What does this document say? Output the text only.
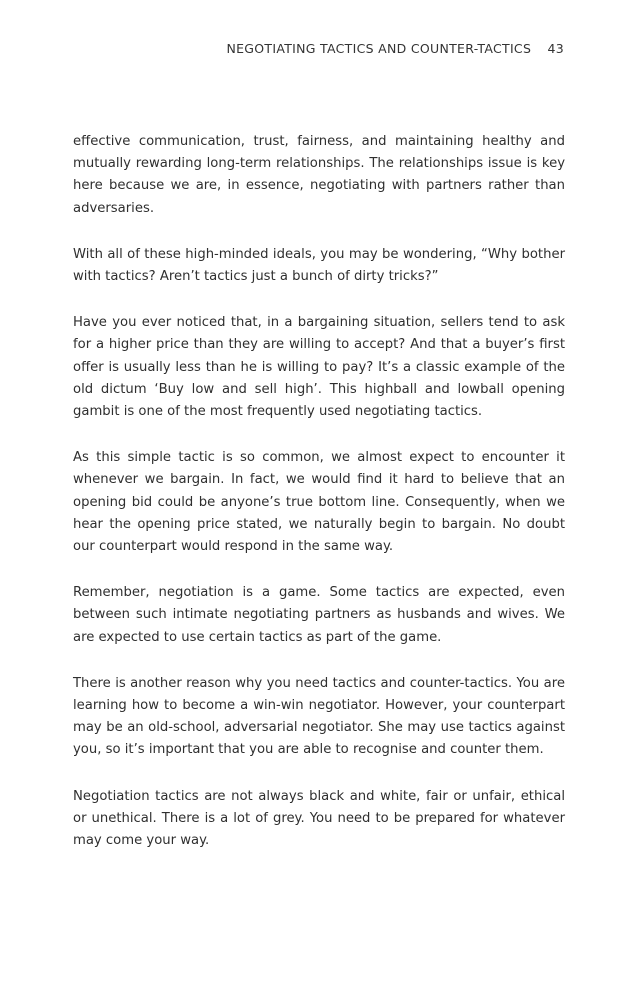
NEGOTIATING TACTICS AND COUNTER-TACTICS 43

effective communication, trust, fairness, and maintaining healthy and mutually rewarding long-term relationships. The relationships issue is key here because we are, in essence, negotiating with partners rather than adversaries.

With all of these high-minded ideals, you may be wondering, “Why bother with tactics? Aren’t tactics just a bunch of dirty tricks?”

Have you ever noticed that, in a bargaining situation, sellers tend to ask for a higher price than they are willing to accept? And that a buyer’s first offer is usually less than he is willing to pay? It’s a classic example of the old dictum ‘Buy low and sell high’. This highball and lowball opening gambit is one of the most frequently used negotiating tactics.

As this simple tactic is so common, we almost expect to encounter it whenever we bargain. In fact, we would find it hard to believe that an opening bid could be anyone’s true bottom line. Consequently, when we hear the opening price stated, we naturally begin to bargain. No doubt our counterpart would respond in the same way.

Remember, negotiation is a game. Some tactics are expected, even between such intimate negotiating partners as husbands and wives. We are expected to use certain tactics as part of the game.

There is another reason why you need tactics and counter-tactics. You are learning how to become a win-win negotiator. However, your counterpart may be an old-school, adversarial negotiator. She may use tactics against you, so it’s important that you are able to recognise and counter them.

Negotiation tactics are not always black and white, fair or unfair, ethical or unethical. There is a lot of grey. You need to be prepared for whatever may come your way.
